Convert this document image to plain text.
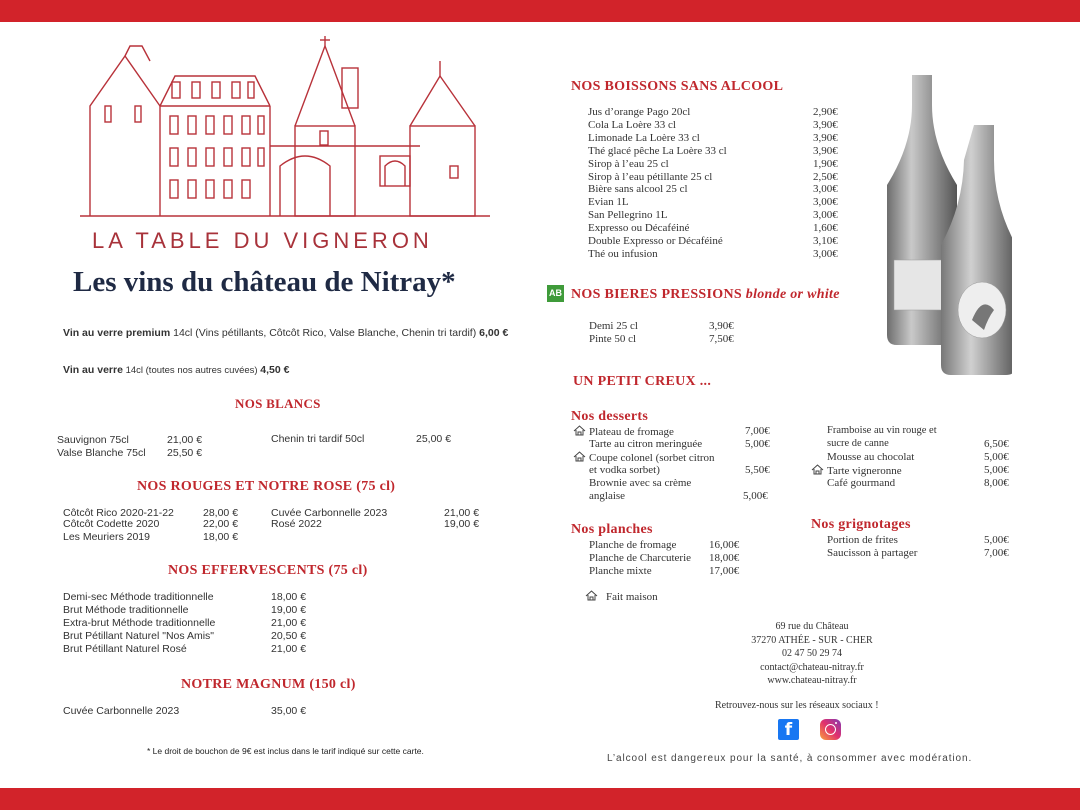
LA TABLE DU VIGNERON
Les vins du château de Nitray*
Vin au verre premium 14cl (Vins pétillants, Côtcôt Rico, Valse Blanche, Chenin tri tardif) 6,00 €
Vin au verre 14cl (toutes nos autres cuvées) 4,50 €
NOS BLANCS
Sauvignon 75cl	21,00 €
Valse Blanche 75cl 25,50 €
Chenin tri tardif 50cl	25,00 €
NOS ROUGES ET NOTRE ROSE (75 cl)
Côtcôt Rico 2020-21-22	28,00 €
Côtcôt Codette 2020	22,00 €
Les Meuriers 2019	18,00 €
Cuvée Carbonnelle 2023	21,00 €
Rosé 2022	19,00 €
NOS EFFERVESCENTS (75 cl)
Demi-sec Méthode traditionnelle	18,00 €
Brut Méthode traditionnelle	19,00 €
Extra-brut Méthode traditionnelle	21,00 €
Brut Pétillant Naturel "Nos Amis"	20,50 €
Brut Pétillant Naturel Rosé	21,00 €
NOTRE MAGNUM (150 cl)
Cuvée Carbonnelle 2023	35,00 €
* Le droit de bouchon de 9€ est inclus dans le tarif indiqué sur cette carte.
NOS BOISSONS SANS ALCOOL
Jus d’orange Pago 20cl	2,90€
Cola La Loère 33 cl	3,90€
Limonade La Loère 33 cl	3,90€
Thé glacé pêche La Loère 33 cl	3,90€
Sirop à l’eau 25 cl	1,90€
Sirop à l’eau pétillante 25 cl	2,50€
Bière sans alcool 25 cl	3,00€
Evian 1L	3,00€
San Pellegrino 1L	3,00€
Expresso ou Décaféiné	1,60€
Double Expresso or Décaféiné	3,10€
Thé ou infusion	3,00€
AB NOS BIERES PRESSIONS blonde or white
Demi 25 cl	3,90€
Pinte 50 cl	7,50€
UN PETIT CREUX ...
Nos desserts
Plateau de fromage	7,00€
Tarte au citron meringuée	5,00€
Coupe colonel (sorbet citron
et vodka sorbet)	5,50€
Brownie avec sa crème
anglaise	5,00€
Framboise au vin rouge et
sucre de canne	6,50€
Mousse au chocolat	5,00€
Tarte vigneronne	5,00€
Café gourmand	8,00€
Nos planches
Planche de fromage	16,00€
Planche de Charcuterie 18,00€
Planche mixte	17,00€
Nos grignotages
Portion de frites	5,00€
Saucisson à partager	7,00€
Fait maison
69 rue du Château
37270 ATHÉE - SUR - CHER
02 47 50 29 74
contact@chateau-nitray.fr
www.chateau-nitray.fr
Retrouvez-nous sur les réseaux sociaux !
f
L’alcool est dangereux pour la santé, à consommer avec modération.
